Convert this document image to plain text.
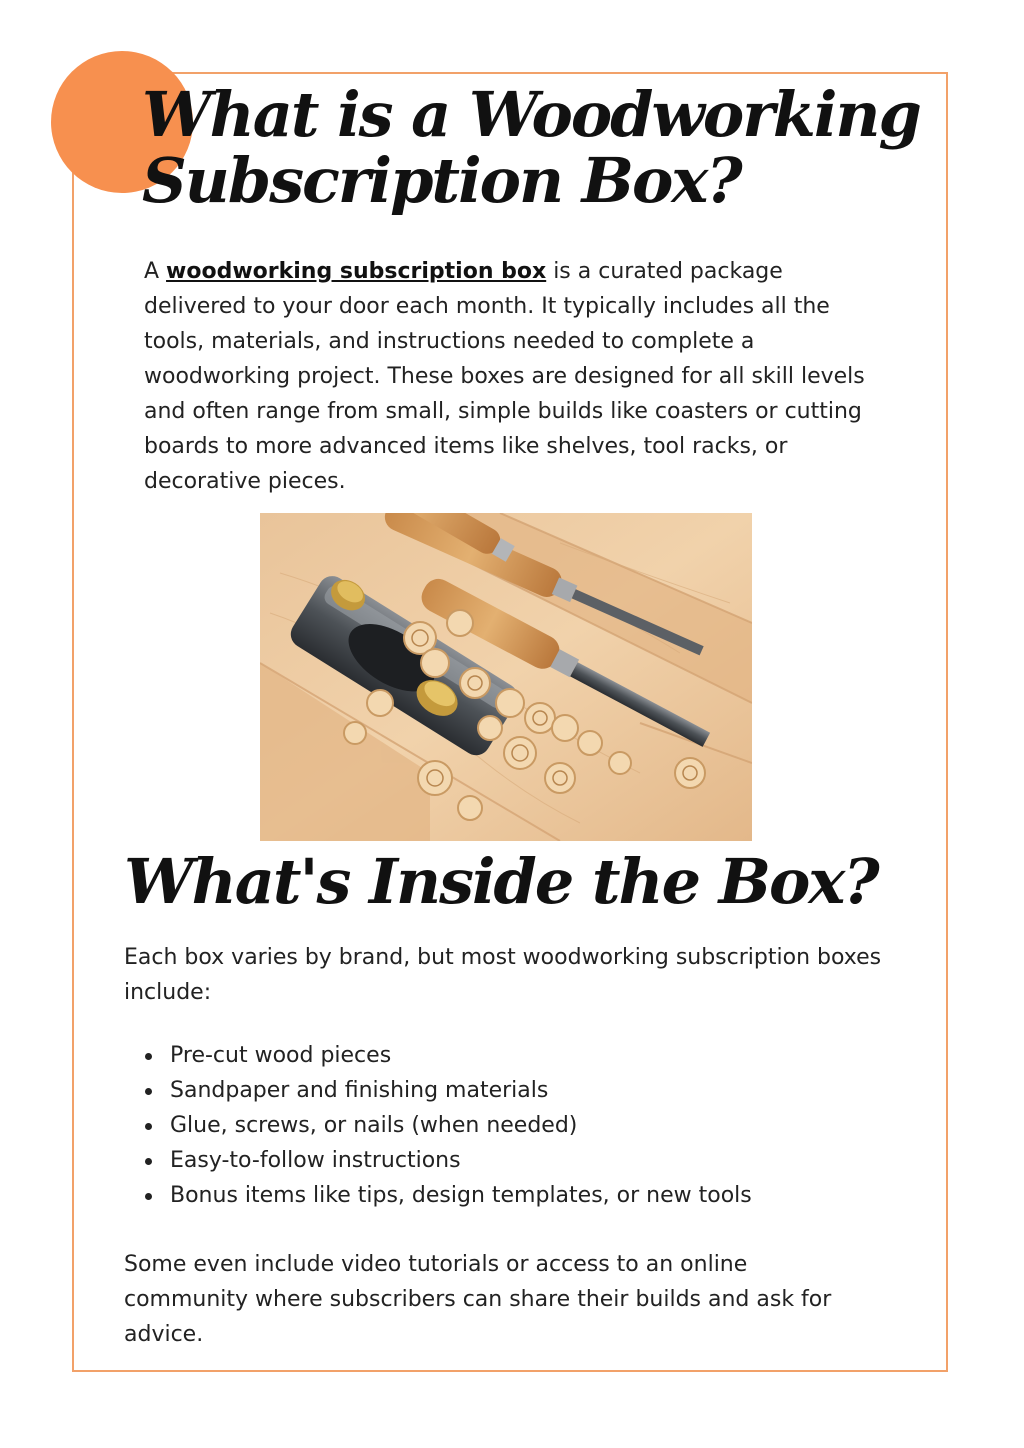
What is a Woodworking Subscription Box?

A woodworking subscription box is a curated package delivered to your door each month. It typically includes all the tools, materials, and instructions needed to complete a woodworking project. These boxes are designed for all skill levels and often range from small, simple builds like coasters or cutting boards to more advanced items like shelves, tool racks, or decorative pieces.

What's Inside the Box?

Each box varies by brand, but most woodworking subscription boxes include:

Pre-cut wood pieces
Sandpaper and finishing materials
Glue, screws, or nails (when needed)
Easy-to-follow instructions
Bonus items like tips, design templates, or new tools

Some even include video tutorials or access to an online community where subscribers can share their builds and ask for advice.
